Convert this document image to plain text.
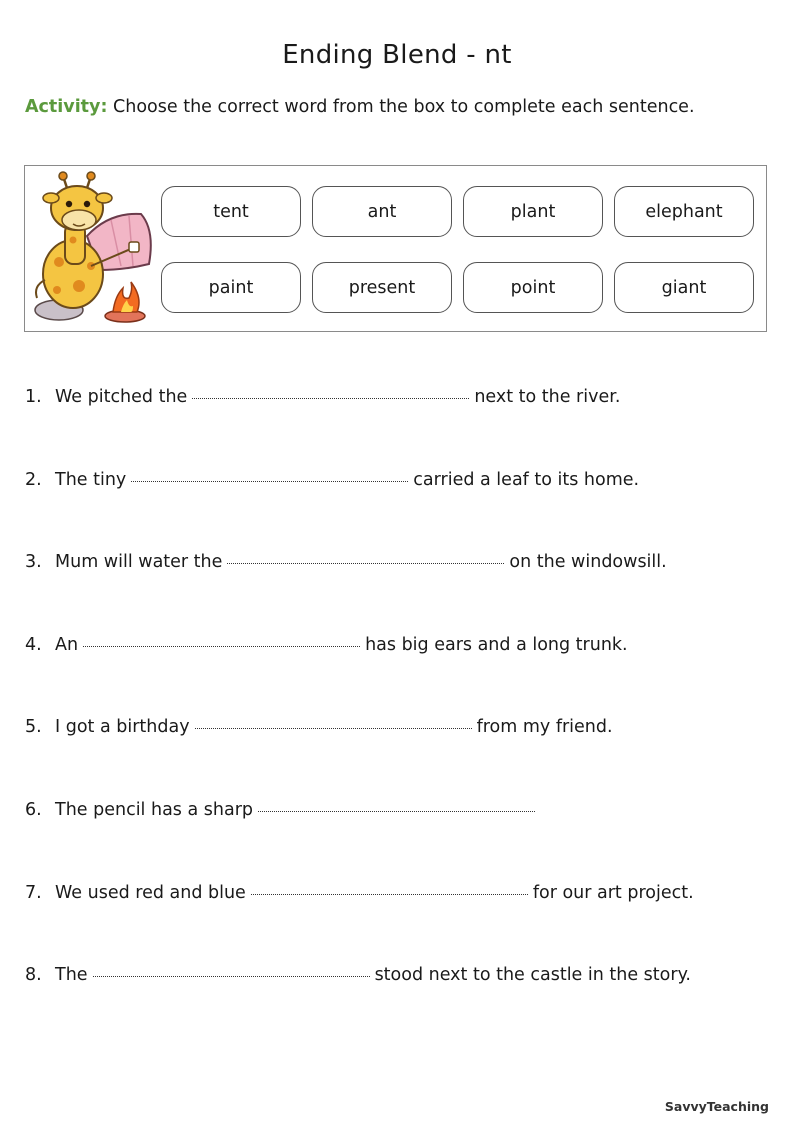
Ending Blend - nt
Activity: Choose the correct word from the box to complete each sentence.
tent	ant	plant	elephant
paint	present	point	giant
1. We pitched the	next to the river.
2. The tiny	carried a leaf to its home.
3. Mum will water the	on the windowsill.
4. An	has big ears and a long trunk.
5. I got a birthday	from my friend.
6. The pencil has a sharp
7. We used red and blue	for our art project.
8. The	stood next to the castle in the story.
SavvyTeaching
